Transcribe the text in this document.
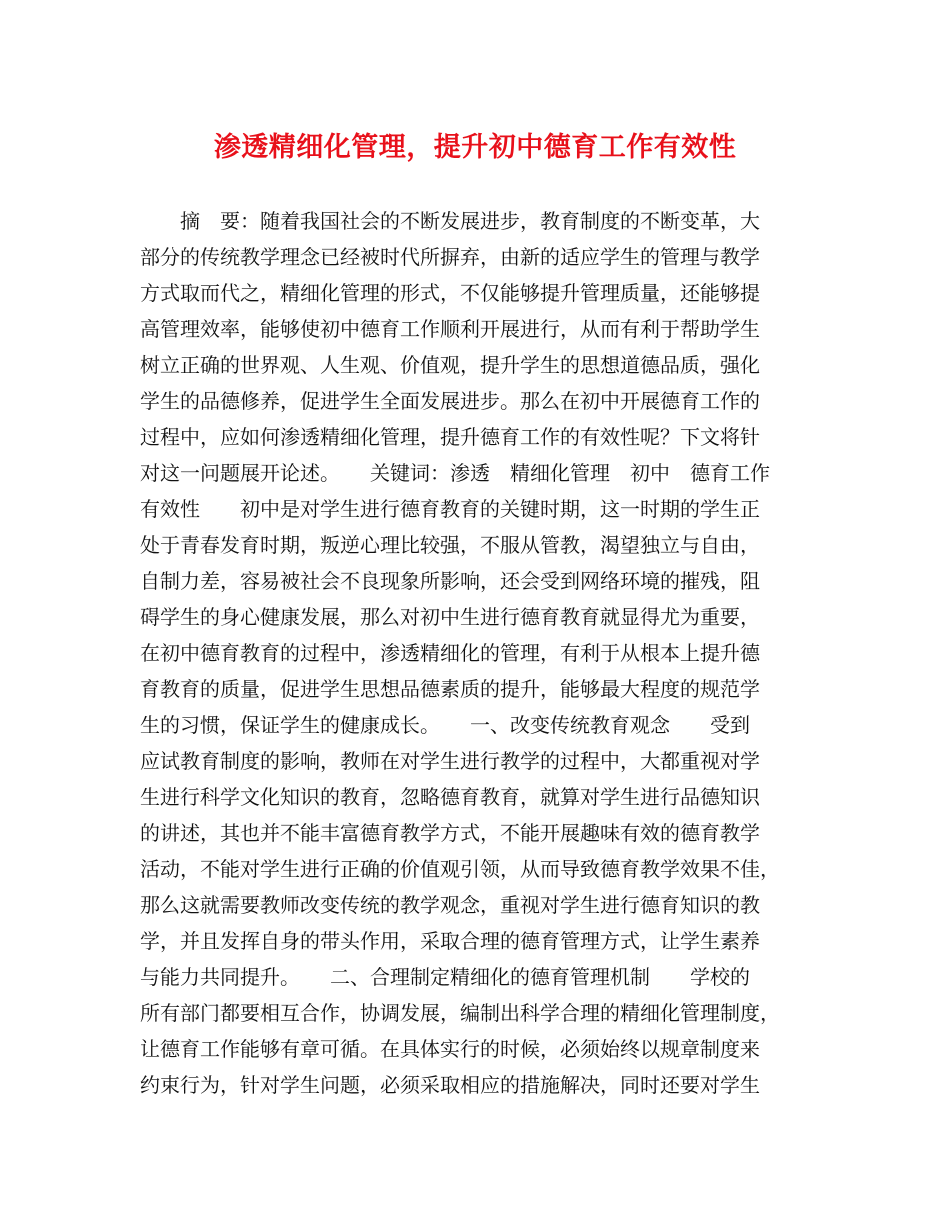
渗透精细化管理，提升初中德育工作有效性
　　摘　要：随着我国社会的不断发展进步，教育制度的不断变革，大
部分的传统教学理念已经被时代所摒弃，由新的适应学生的管理与教学
方式取而代之，精细化管理的形式，不仅能够提升管理质量，还能够提
高管理效率，能够使初中德育工作顺利开展进行，从而有利于帮助学生
树立正确的世界观、人生观、价值观，提升学生的思想道德品质，强化
学生的品德修养，促进学生全面发展进步。那么在初中开展德育工作的
过程中，应如何渗透精细化管理，提升德育工作的有效性呢？下文将针
对这一问题展开论述。　　关键词：渗透　精细化管理　初中　德育工作
有效性　　初中是对学生进行德育教育的关键时期，这一时期的学生正
处于青春发育时期，叛逆心理比较强，不服从管教，渴望独立与自由，
自制力差，容易被社会不良现象所影响，还会受到网络环境的摧残，阻
碍学生的身心健康发展，那么对初中生进行德育教育就显得尤为重要，
在初中德育教育的过程中，渗透精细化的管理，有利于从根本上提升德
育教育的质量，促进学生思想品德素质的提升，能够最大程度的规范学
生的习惯，保证学生的健康成长。　　一、改变传统教育观念　　受到
应试教育制度的影响，教师在对学生进行教学的过程中，大都重视对学
生进行科学文化知识的教育，忽略德育教育，就算对学生进行品德知识
的讲述，其也并不能丰富德育教学方式，不能开展趣味有效的德育教学
活动，不能对学生进行正确的价值观引领，从而导致德育教学效果不佳，
那么这就需要教师改变传统的教学观念，重视对学生进行德育知识的教
学，并且发挥自身的带头作用，采取合理的德育管理方式，让学生素养
与能力共同提升。　　二、合理制定精细化的德育管理机制　　学校的
所有部门都要相互合作，协调发展，编制出科学合理的精细化管理制度，
让德育工作能够有章可循。在具体实行的时候，必须始终以规章制度来
约束行为，针对学生问题，必须采取相应的措施解决，同时还要对学生
